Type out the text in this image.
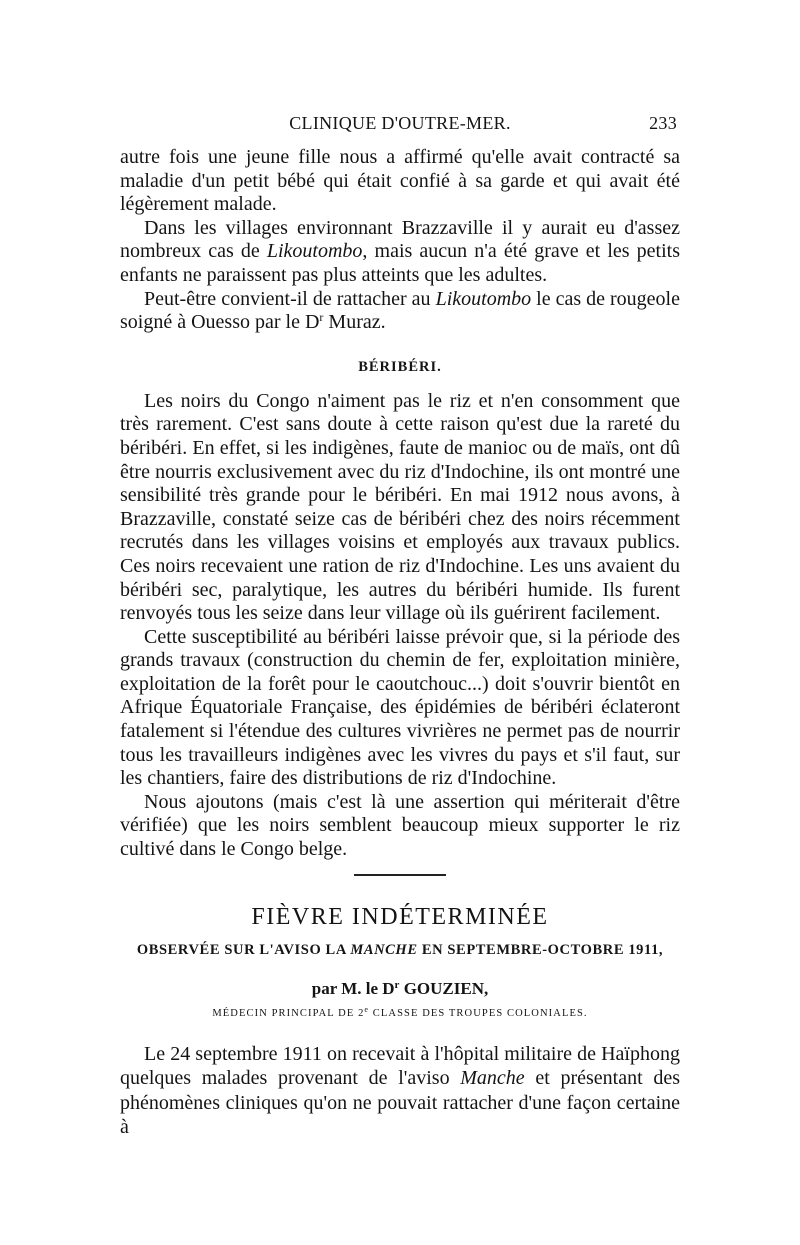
CLINIQUE D'OUTRE-MER.	233

autre fois une jeune fille nous a affirmé qu'elle avait contracté sa maladie d'un petit bébé qui était confié à sa garde et qui avait été légèrement malade.

Dans les villages environnant Brazzaville il y aurait eu d'assez nombreux cas de Likoutombo, mais aucun n'a été grave et les petits enfants ne paraissent pas plus atteints que les adultes.

Peut-être convient-il de rattacher au Likoutombo le cas de rougeole soigné à Ouesso par le $D^r$ Muraz.

BÉRIBÉRI.

Les noirs du Congo n'aiment pas le riz et n'en consomment que très rarement. C'est sans doute à cette raison qu'est due la rareté du béribéri. En effet, si les indigènes, faute de manioc ou de maïs, ont dû être nourris exclusivement avec du riz d'Indochine, ils ont montré une sensibilité très grande pour le béribéri. En mai 1912 nous avons, à Brazzaville, constaté seize cas de béribéri chez des noirs récemment recrutés dans les villages voisins et employés aux travaux publics. Ces noirs recevaient une ration de riz d'Indochine. Les uns avaient du béribéri sec, paralytique, les autres du béribéri humide. Ils furent renvoyés tous les seize dans leur village où ils guérirent facilement.

Cette susceptibilité au béribéri laisse prévoir que, si la période des grands travaux (construction du chemin de fer, exploitation minière, exploitation de la forêt pour le caoutchouc...) doit s'ouvrir bientôt en Afrique Équatoriale Française, des épidémies de béribéri éclateront fatalement si l'étendue des cultures vivrières ne permet pas de nourrir tous les travailleurs indigènes avec les vivres du pays et s'il faut, sur les chantiers, faire des distributions de riz d'Indochine.

Nous ajoutons (mais c'est là une assertion qui mériterait d'être vérifiée) que les noirs semblent beaucoup mieux supporter le riz cultivé dans le Congo belge.

FIÈVRE INDÉTERMINÉE
OBSERVÉE SUR L'AVISO LA MANCHE EN SEPTEMBRE-OCTOBRE 1911,
par M. le $D^r$ GOUZIEN,
MÉDECIN PRINCIPAL DE 2e CLASSE DES TROUPES COLONIALES.

Le 24 septembre 1911 on recevait à l'hôpital militaire de Haïphong quelques malades provenant de l'aviso Manche et présentant des phénomènes cliniques qu'on ne pouvait rattacher d'une façon certaine à
